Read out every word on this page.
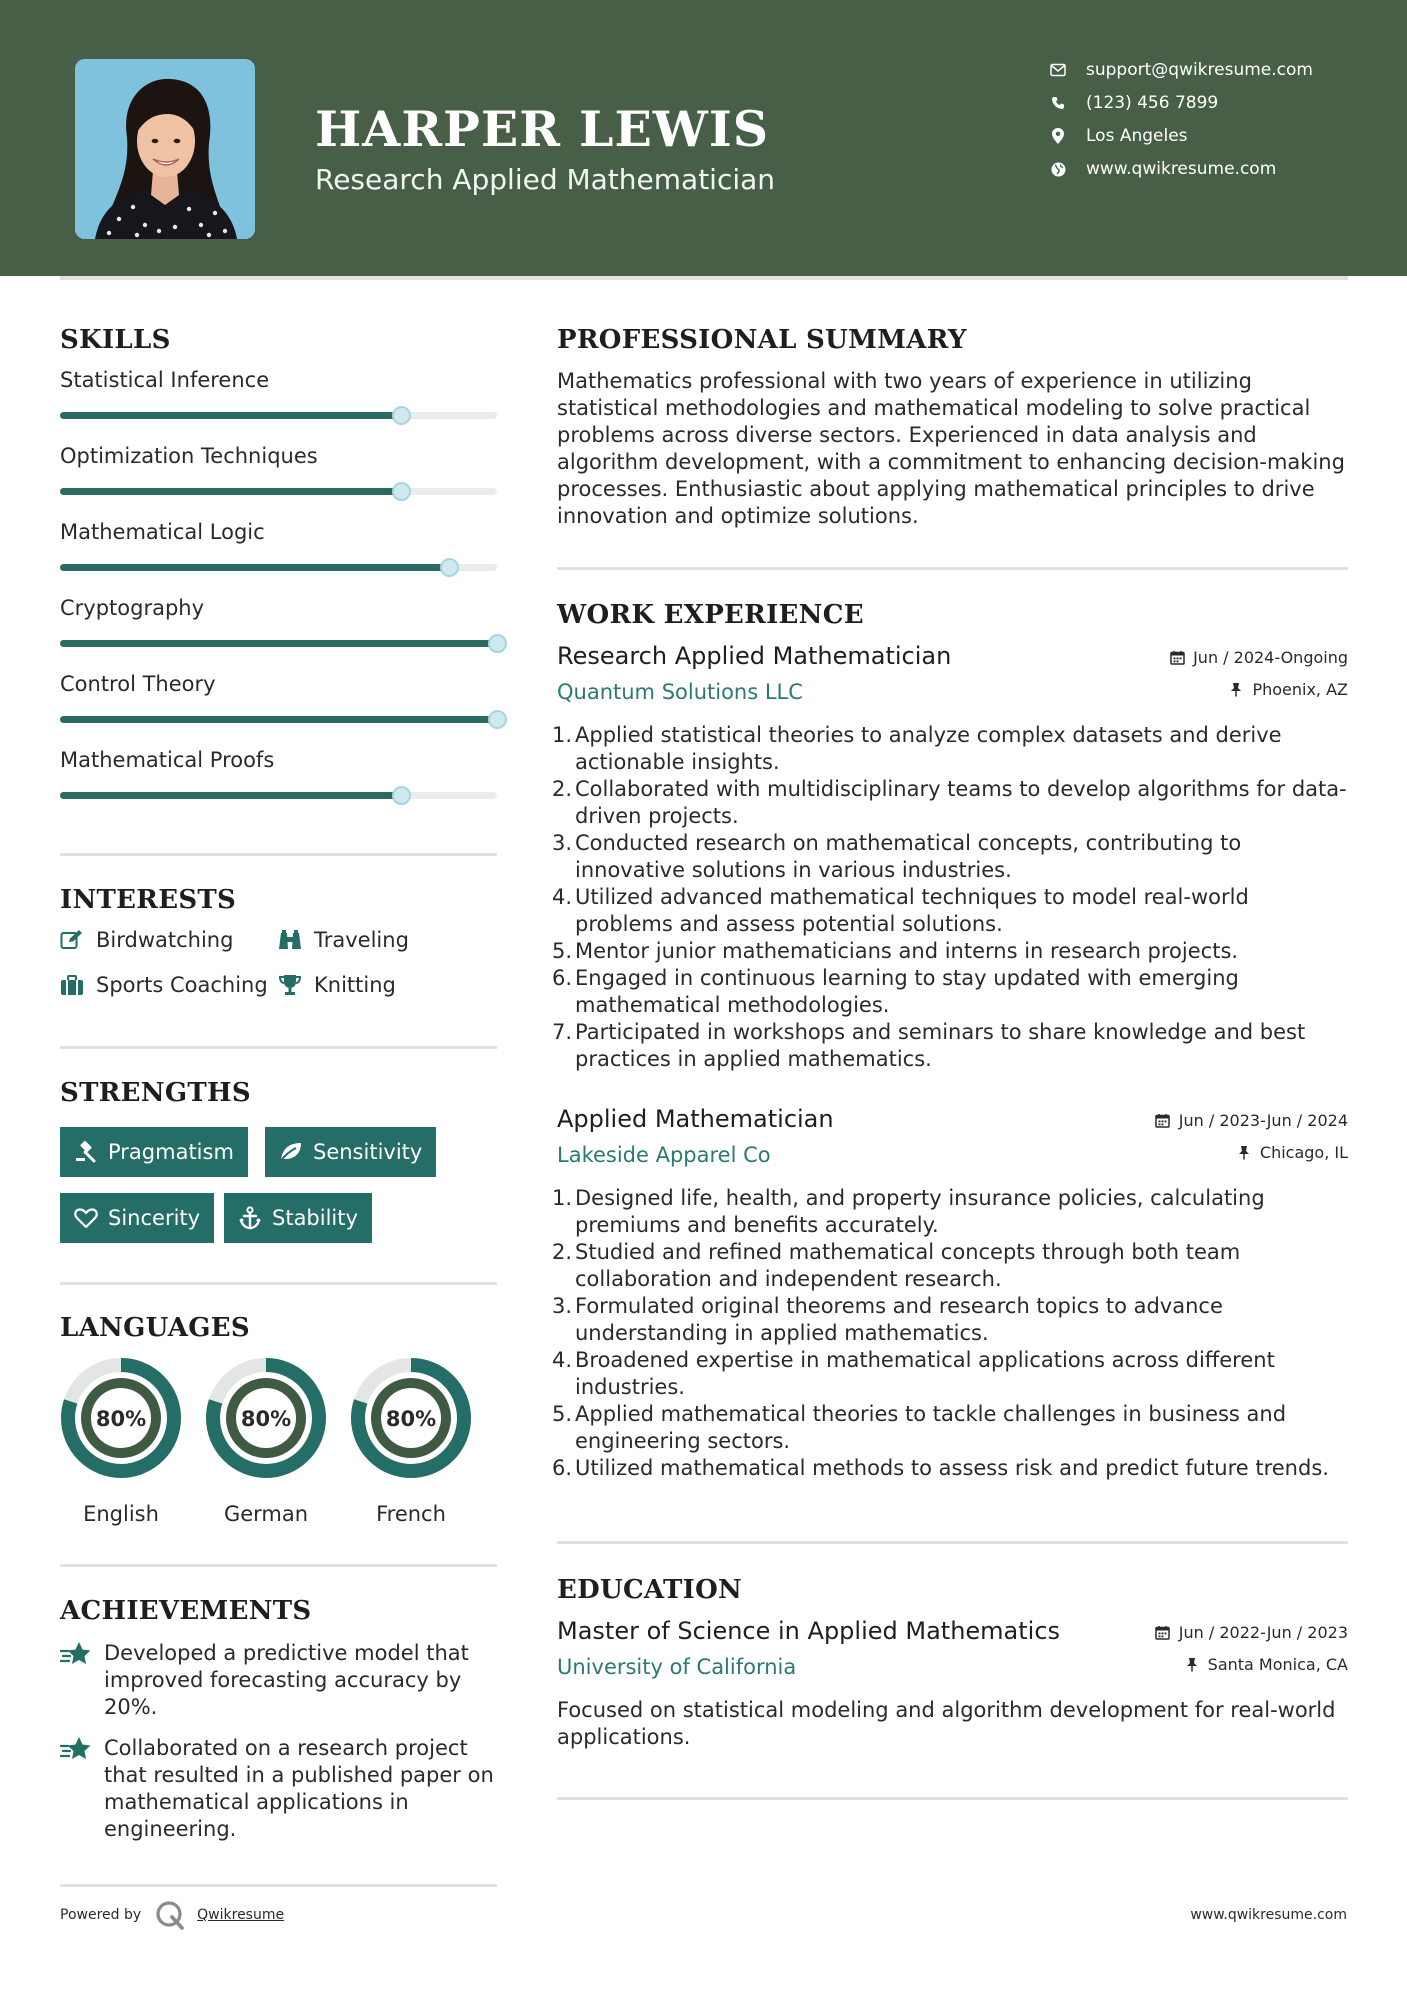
HARPER LEWIS
Research Applied Mathematician
support@qwikresume.com
(123) 456 7899
Los Angeles
www.qwikresume.com
SKILLS
Statistical Inference
Optimization Techniques
Mathematical Logic
Cryptography
Control Theory
Mathematical Proofs
INTERESTS
Birdwatching	Traveling
Sports Coaching Knitting
STRENGTHS
Pragmatism	Sensitivity
Sincerity	Stability
LANGUAGES
80%
English
80%
German
80%
French
ACHIEVEMENTS
Developed a predictive model that improved forecasting accuracy by 20%.
Collaborated on a research project that resulted in a published paper on mathematical applications in engineering.
PROFESSIONAL SUMMARY
Mathematics professional with two years of experience in utilizing statistical methodologies and mathematical modeling to solve practical problems across diverse sectors. Experienced in data analysis and algorithm development, with a commitment to enhancing decision-making processes. Enthusiastic about applying mathematical principles to drive innovation and optimize solutions.
WORK EXPERIENCE
Research Applied Mathematician
Quantum Solutions LLC
Jun / 2024-Ongoing
Phoenix, AZ
1. Applied statistical theories to analyze complex datasets and derive actionable insights.
2. Collaborated with multidisciplinary teams to develop algorithms for data-driven projects.
3. Conducted research on mathematical concepts, contributing to innovative solutions in various industries.
4. Utilized advanced mathematical techniques to model real-world problems and assess potential solutions.
5. Mentor junior mathematicians and interns in research projects.
6. Engaged in continuous learning to stay updated with emerging mathematical methodologies.
7. Participated in workshops and seminars to share knowledge and best practices in applied mathematics.
Applied Mathematician
Lakeside Apparel Co
Jun / 2023-Jun / 2024
Chicago, IL
1. Designed life, health, and property insurance policies, calculating premiums and benefits accurately.
2. Studied and refined mathematical concepts through both team collaboration and independent research.
3. Formulated original theorems and research topics to advance understanding in applied mathematics.
4. Broadened expertise in mathematical applications across different industries.
5. Applied mathematical theories to tackle challenges in business and engineering sectors.
6. Utilized mathematical methods to assess risk and predict future trends.
EDUCATION
Master of Science in Applied Mathematics
University of California
Jun / 2022-Jun / 2023
Santa Monica, CA
Focused on statistical modeling and algorithm development for real-world applications.
Powered by	Qwikresume	www.qwikresume.com
